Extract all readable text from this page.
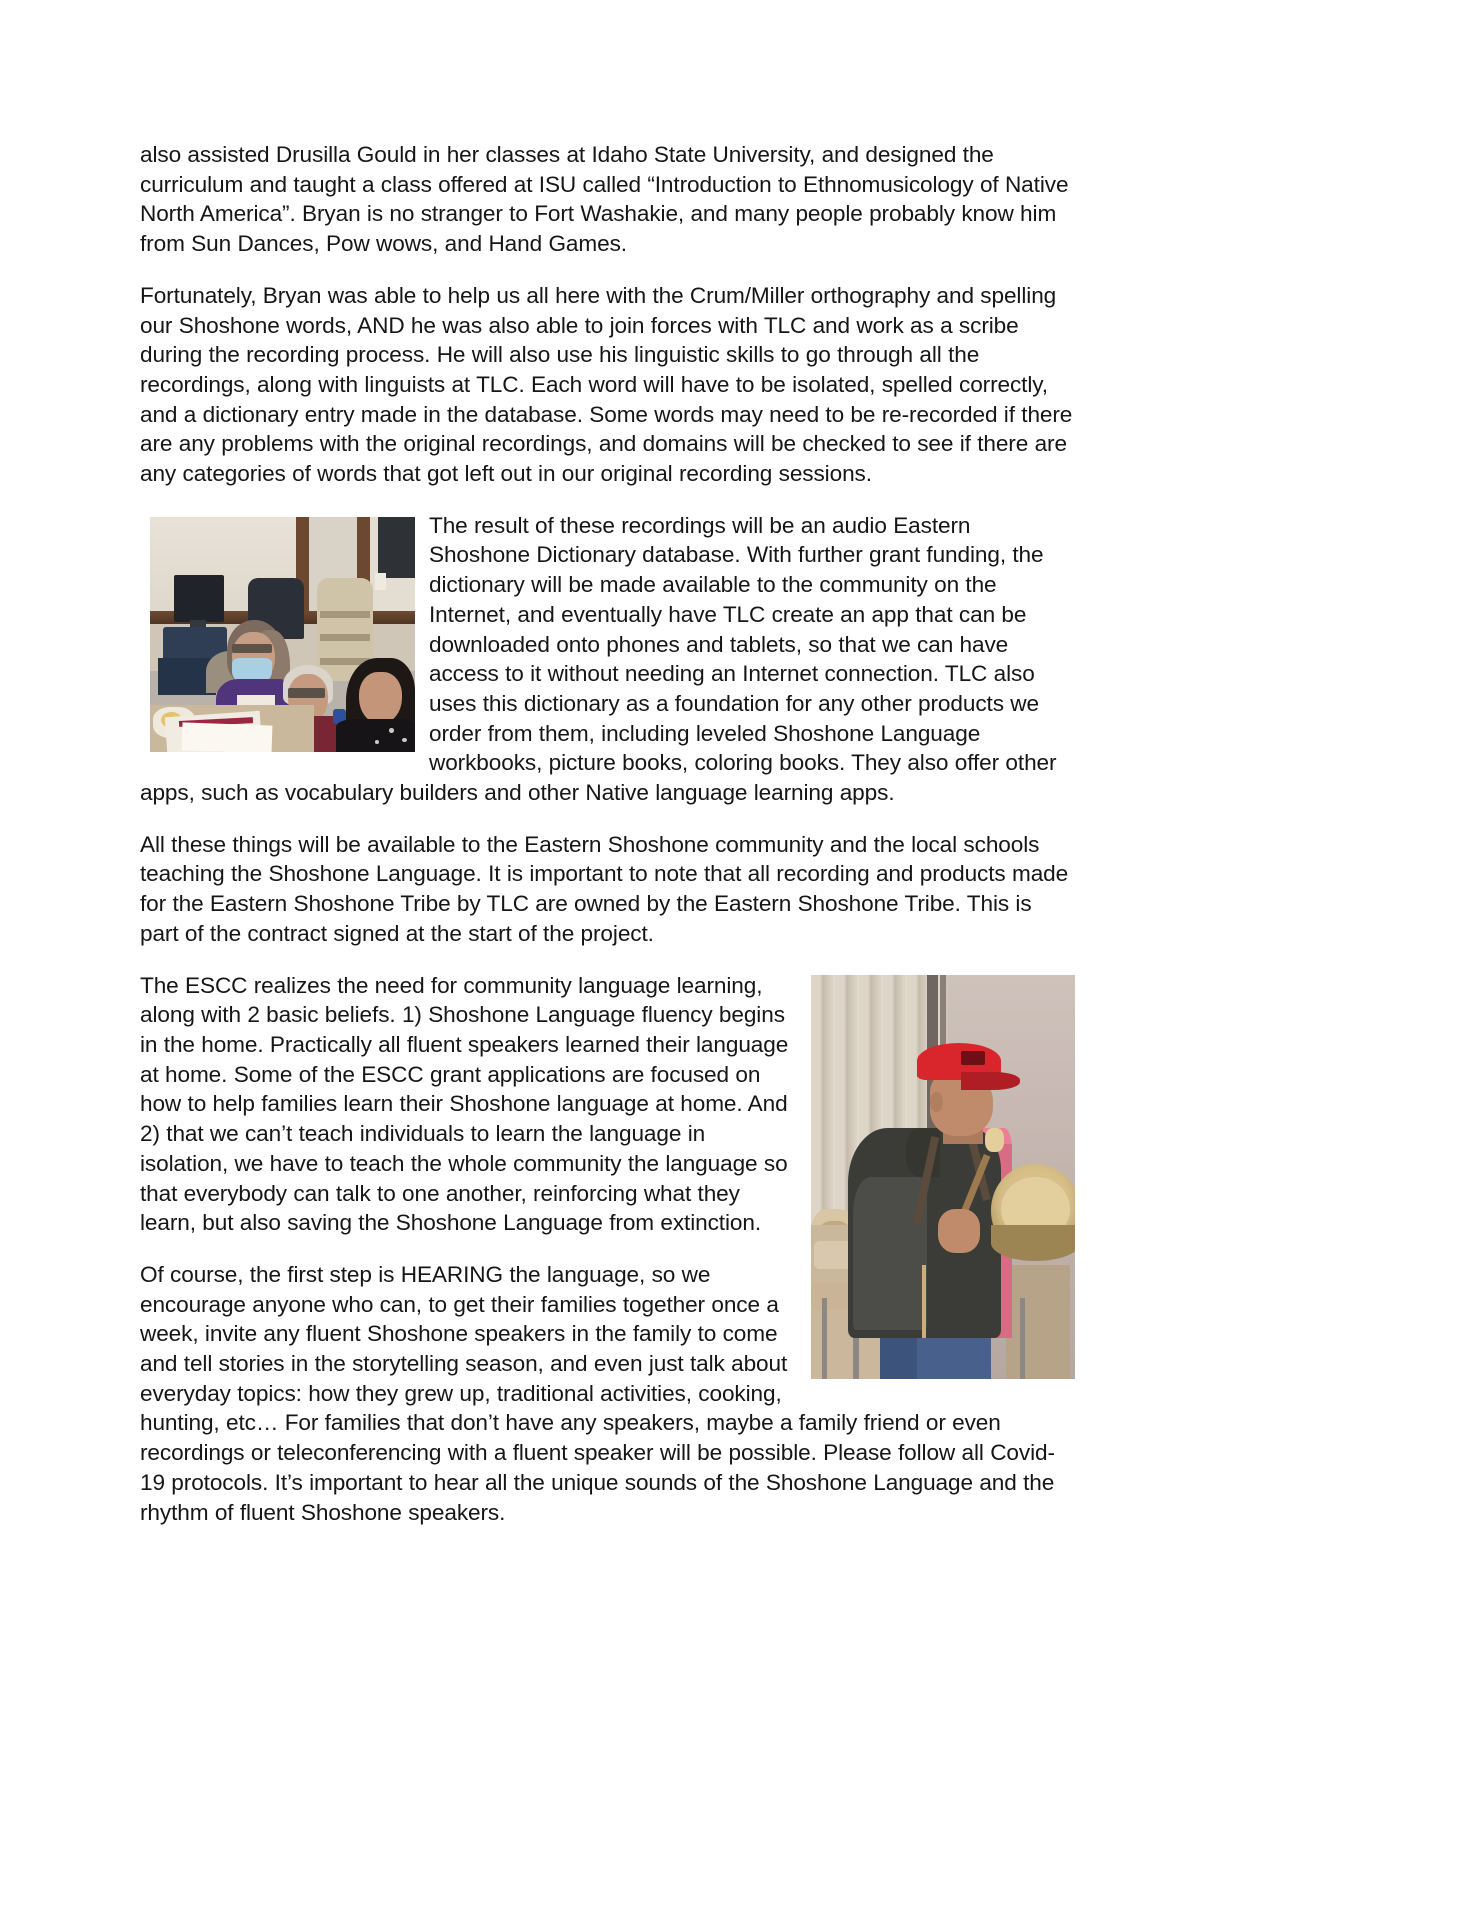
also assisted Drusilla Gould in her classes at Idaho State University, and designed the curriculum and taught a class offered at ISU called “Introduction to Ethnomusicology of Native North America”. Bryan is no stranger to Fort Washakie, and many people probably know him from Sun Dances, Pow wows, and Hand Games.

Fortunately, Bryan was able to help us all here with the Crum/Miller orthography and spelling our Shoshone words, AND he was also able to join forces with TLC and work as a scribe during the recording process. He will also use his linguistic skills to go through all the recordings, along with linguists at TLC. Each word will have to be isolated, spelled correctly, and a dictionary entry made in the database. Some words may need to be re-recorded if there are any problems with the original recordings, and domains will be checked to see if there are any categories of words that got left out in our original recording sessions.

The result of these recordings will be an audio Eastern Shoshone Dictionary database. With further grant funding, the dictionary will be made available to the community on the Internet, and eventually have TLC create an app that can be downloaded onto phones and tablets, so that we can have access to it without needing an Internet connection. TLC also uses this dictionary as a foundation for any other products we order from them, including leveled Shoshone Language workbooks, picture books, coloring books. They also offer other apps, such as vocabulary builders and other Native language learning apps.

All these things will be available to the Eastern Shoshone community and the local schools teaching the Shoshone Language. It is important to note that all recording and products made for the Eastern Shoshone Tribe by TLC are owned by the Eastern Shoshone Tribe. This is part of the contract signed at the start of the project.

The ESCC realizes the need for community language learning, along with 2 basic beliefs. 1) Shoshone Language fluency begins in the home. Practically all fluent speakers learned their language at home. Some of the ESCC grant applications are focused on how to help families learn their Shoshone language at home. And 2) that we can’t teach individuals to learn the language in isolation, we have to teach the whole community the language so that everybody can talk to one another, reinforcing what they learn, but also saving the Shoshone Language from extinction.

Of course, the first step is HEARING the language, so we encourage anyone who can, to get their families together once a week, invite any fluent Shoshone speakers in the family to come and tell stories in the storytelling season, and even just talk about everyday topics: how they grew up, traditional activities, cooking, hunting, etc… For families that don’t have any speakers, maybe a family friend or even recordings or teleconferencing with a fluent speaker will be possible. Please follow all Covid-19 protocols. It’s important to hear all the unique sounds of the Shoshone Language and the rhythm of fluent Shoshone speakers.
